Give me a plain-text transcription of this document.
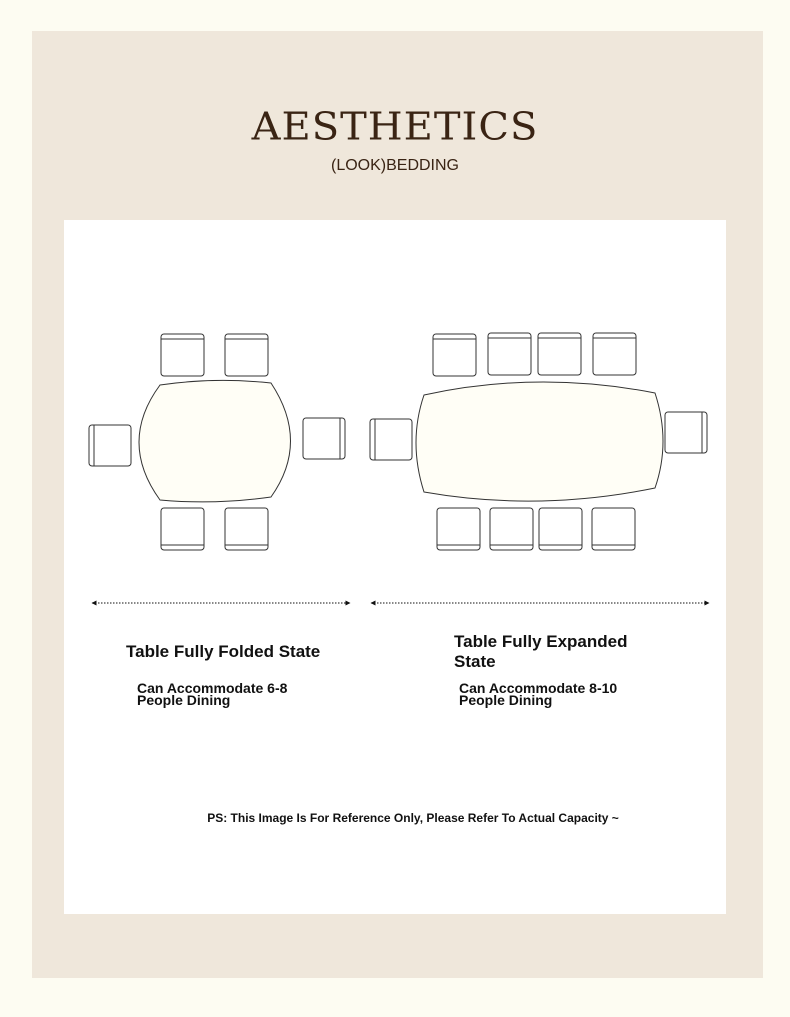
AESTHETICS
(LOOK)BEDDING
Table Fully Folded State
Can Accommodate 6-8
People Dining
Table Fully Expanded
State
Can Accommodate 8-10
People Dining
PS: This Image Is For Reference Only, Please Refer To Actual Capacity ~
